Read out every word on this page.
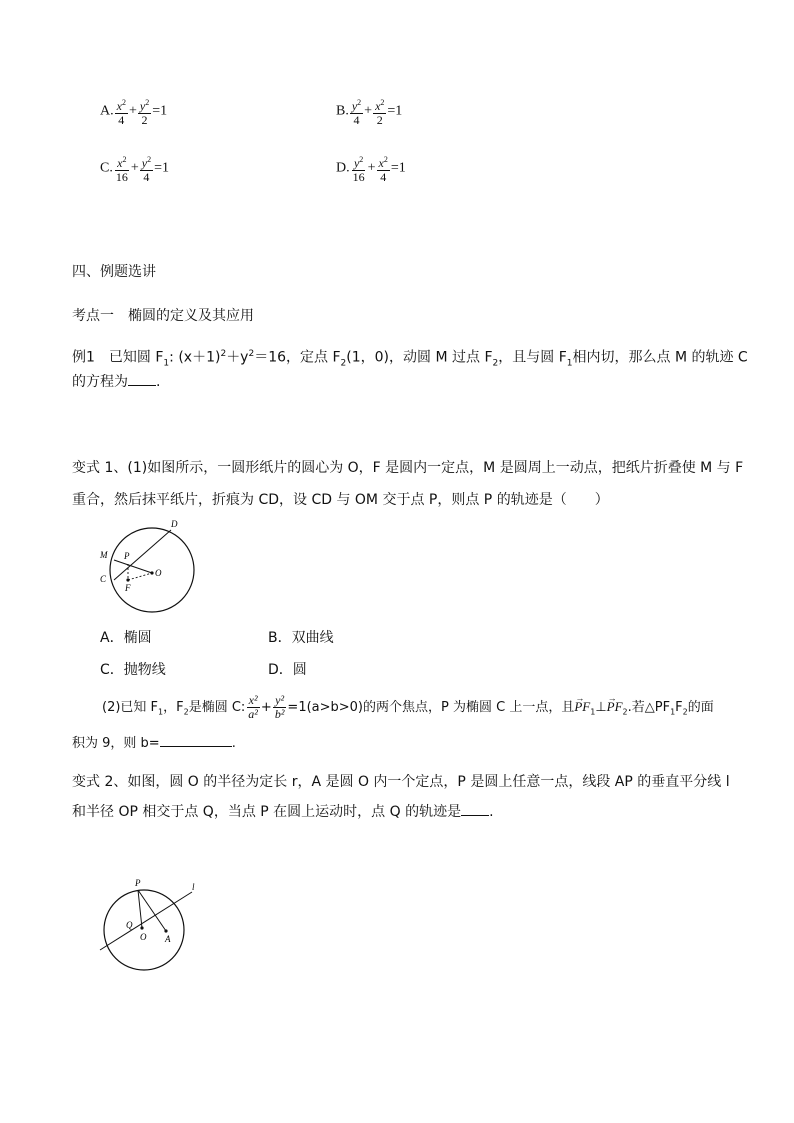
A. $\frac{x^2}{4} + \frac{y^2}{2} =1$	B. $\frac{y^2}{4} + \frac{x^2}{2} =1$
C. $\frac{x^2}{16} + \frac{y^2}{4} =1$	D. $\frac{y^2}{16} + \frac{x^2}{4} =1$
四、例题选讲
考点一　椭圆的定义及其应用
例1　已知圆 $F_1$: $(x+1)^2+y^2=16$，定点 $F_2(1$，0)，动圆 M 过点 $F_2$，且与圆 $F_1$相内切，那么点 M 的轨迹 C
的方程为 .
变式 1、(1)如图所示，一圆形纸片的圆心为 O，F 是圆内一定点，M 是圆周上一动点，把纸片折叠使 M 与 F
重合，然后抹平纸片，折痕为 CD，设 CD 与 OM 交于点 P，则点 P 的轨迹是（　　）
D
M P
C
O
F
A．椭圆	B．双曲线
C．抛物线	D．圆
(2)已知 $F_1$，$F_2$是椭圆 C: $\frac{\text{x²}}{\text{a²}} + \frac{\text{y²}}{\text{b²}} =1(a>b>0)$的两个焦点，P 为椭圆 C 上一点，且→ $PF_1\perp\to PF_2$.若$\triangle PF_1F_2$的面
积为 9，则 b=	.
变式 2、如图，圆 O 的半径为定长 r，A 是圆 O 内一个定点，P 是圆上任意一点，线段 AP 的垂直平分线 l
和半径 OP 相交于点 Q，当点 P 在圆上运动时，点 Q 的轨迹是 .
P	l
Q
O A
